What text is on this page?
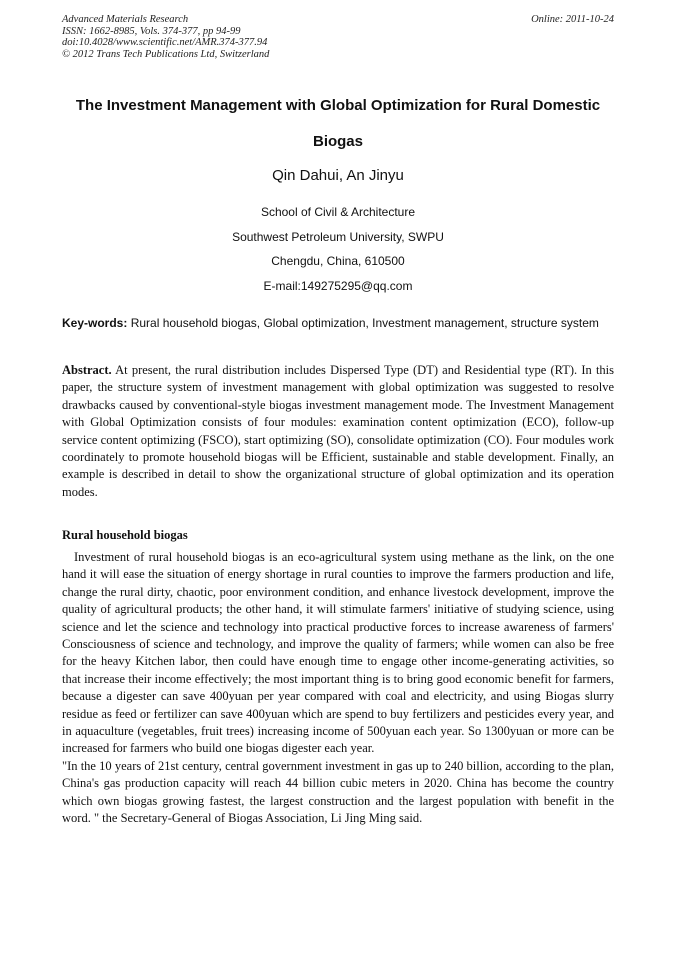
Advanced Materials Research	Online: 2011-10-24
ISSN: 1662-8985, Vols. 374-377, pp 94-99
doi:10.4028/www.scientific.net/AMR.374-377.94
© 2012 Trans Tech Publications Ltd, Switzerland
The Investment Management with Global Optimization for Rural Domestic Biogas
Qin Dahui, An Jinyu
School of Civil & Architecture
Southwest Petroleum University, SWPU
Chengdu, China, 610500
E-mail:149275295@qq.com
Key-words: Rural household biogas, Global optimization, Investment management, structure system
Abstract. At present, the rural distribution includes Dispersed Type (DT) and Residential type (RT). In this paper, the structure system of investment management with global optimization was suggested to resolve drawbacks caused by conventional-style biogas investment management mode. The Investment Management with Global Optimization consists of four modules: examination content optimization (ECO), follow-up service content optimizing (FSCO), start optimizing (SO), consolidate optimization (CO). Four modules work coordinately to promote household biogas will be Efficient, sustainable and stable development. Finally, an example is described in detail to show the organizational structure of global optimization and its operation modes.
Rural household biogas

Investment of rural household biogas is an eco-agricultural system using methane as the link, on the one hand it will ease the situation of energy shortage in rural counties to improve the farmers production and life, change the rural dirty, chaotic, poor environment condition, and enhance livestock development, improve the quality of agricultural products; the other hand, it will stimulate farmers' initiative of studying science, using science and let the science and technology into practical productive forces to increase awareness of farmers' Consciousness of science and technology, and improve the quality of farmers; while women can also be free for the heavy Kitchen labor, then could have enough time to engage other income-generating activities, so that increase their income effectively; the most important thing is to bring good economic benefit for farmers, because a digester can save 400yuan per year compared with coal and electricity, and using Biogas slurry residue as feed or fertilizer can save 400yuan which are spend to buy fertilizers and pesticides every year, and in aquaculture (vegetables, fruit trees) increasing income of 500yuan each year. So 1300yuan or more can be increased for farmers who build one biogas digester each year.

"In the 10 years of 21st century, central government investment in gas up to 240 billion, according to the plan, China's gas production capacity will reach 44 billion cubic meters in 2020. China has become the country which own biogas growing fastest, the largest construction and the largest population with benefit in the word. " the Secretary-General of Biogas Association, Li Jing Ming said.
